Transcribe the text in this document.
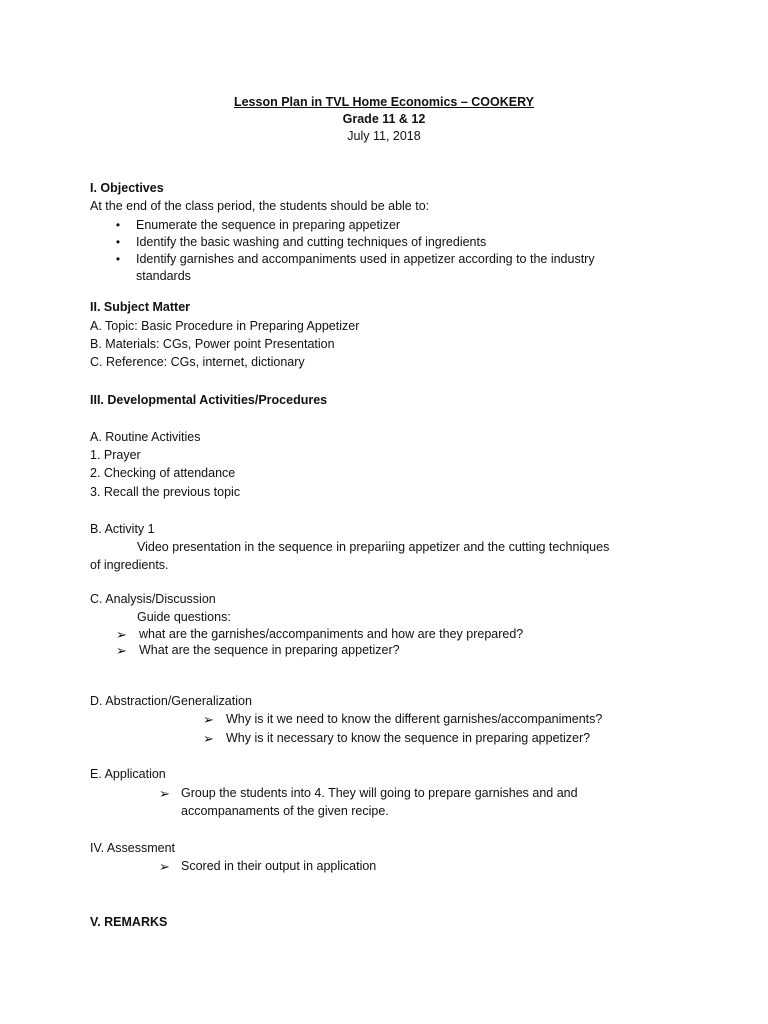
Lesson Plan in TVL Home Economics – COOKERY
Grade 11 & 12
July 11, 2018
I. Objectives
At the end of the class period, the students should be able to:
• Enumerate the sequence in preparing appetizer
• Identify the basic washing and cutting techniques of ingredients
• Identify garnishes and accompaniments used in appetizer according to the industry
standards
II. Subject Matter
A. Topic: Basic Procedure in Preparing Appetizer
B. Materials: CGs, Power point Presentation
C. Reference: CGs, internet, dictionary
III. Developmental Activities/Procedures
A. Routine Activities
1. Prayer
2. Checking of attendance
3. Recall the previous topic
B. Activity 1
Video presentation in the sequence in prepariing appetizer and the cutting techniques
of ingredients.
C. Analysis/Discussion
Guide questions:
➢ what are the garnishes/accompaniments and how are they prepared?
➢ What are the sequence in preparing appetizer?
D. Abstraction/Generalization
➢ Why is it we need to know the different garnishes/accompaniments?
➢ Why is it necessary to know the sequence in preparing appetizer?
E. Application
➢ Group the students into 4. They will going to prepare garnishes and and
accompanaments of the given recipe.
IV. Assessment
➢ Scored in their output in application
V. REMARKS
